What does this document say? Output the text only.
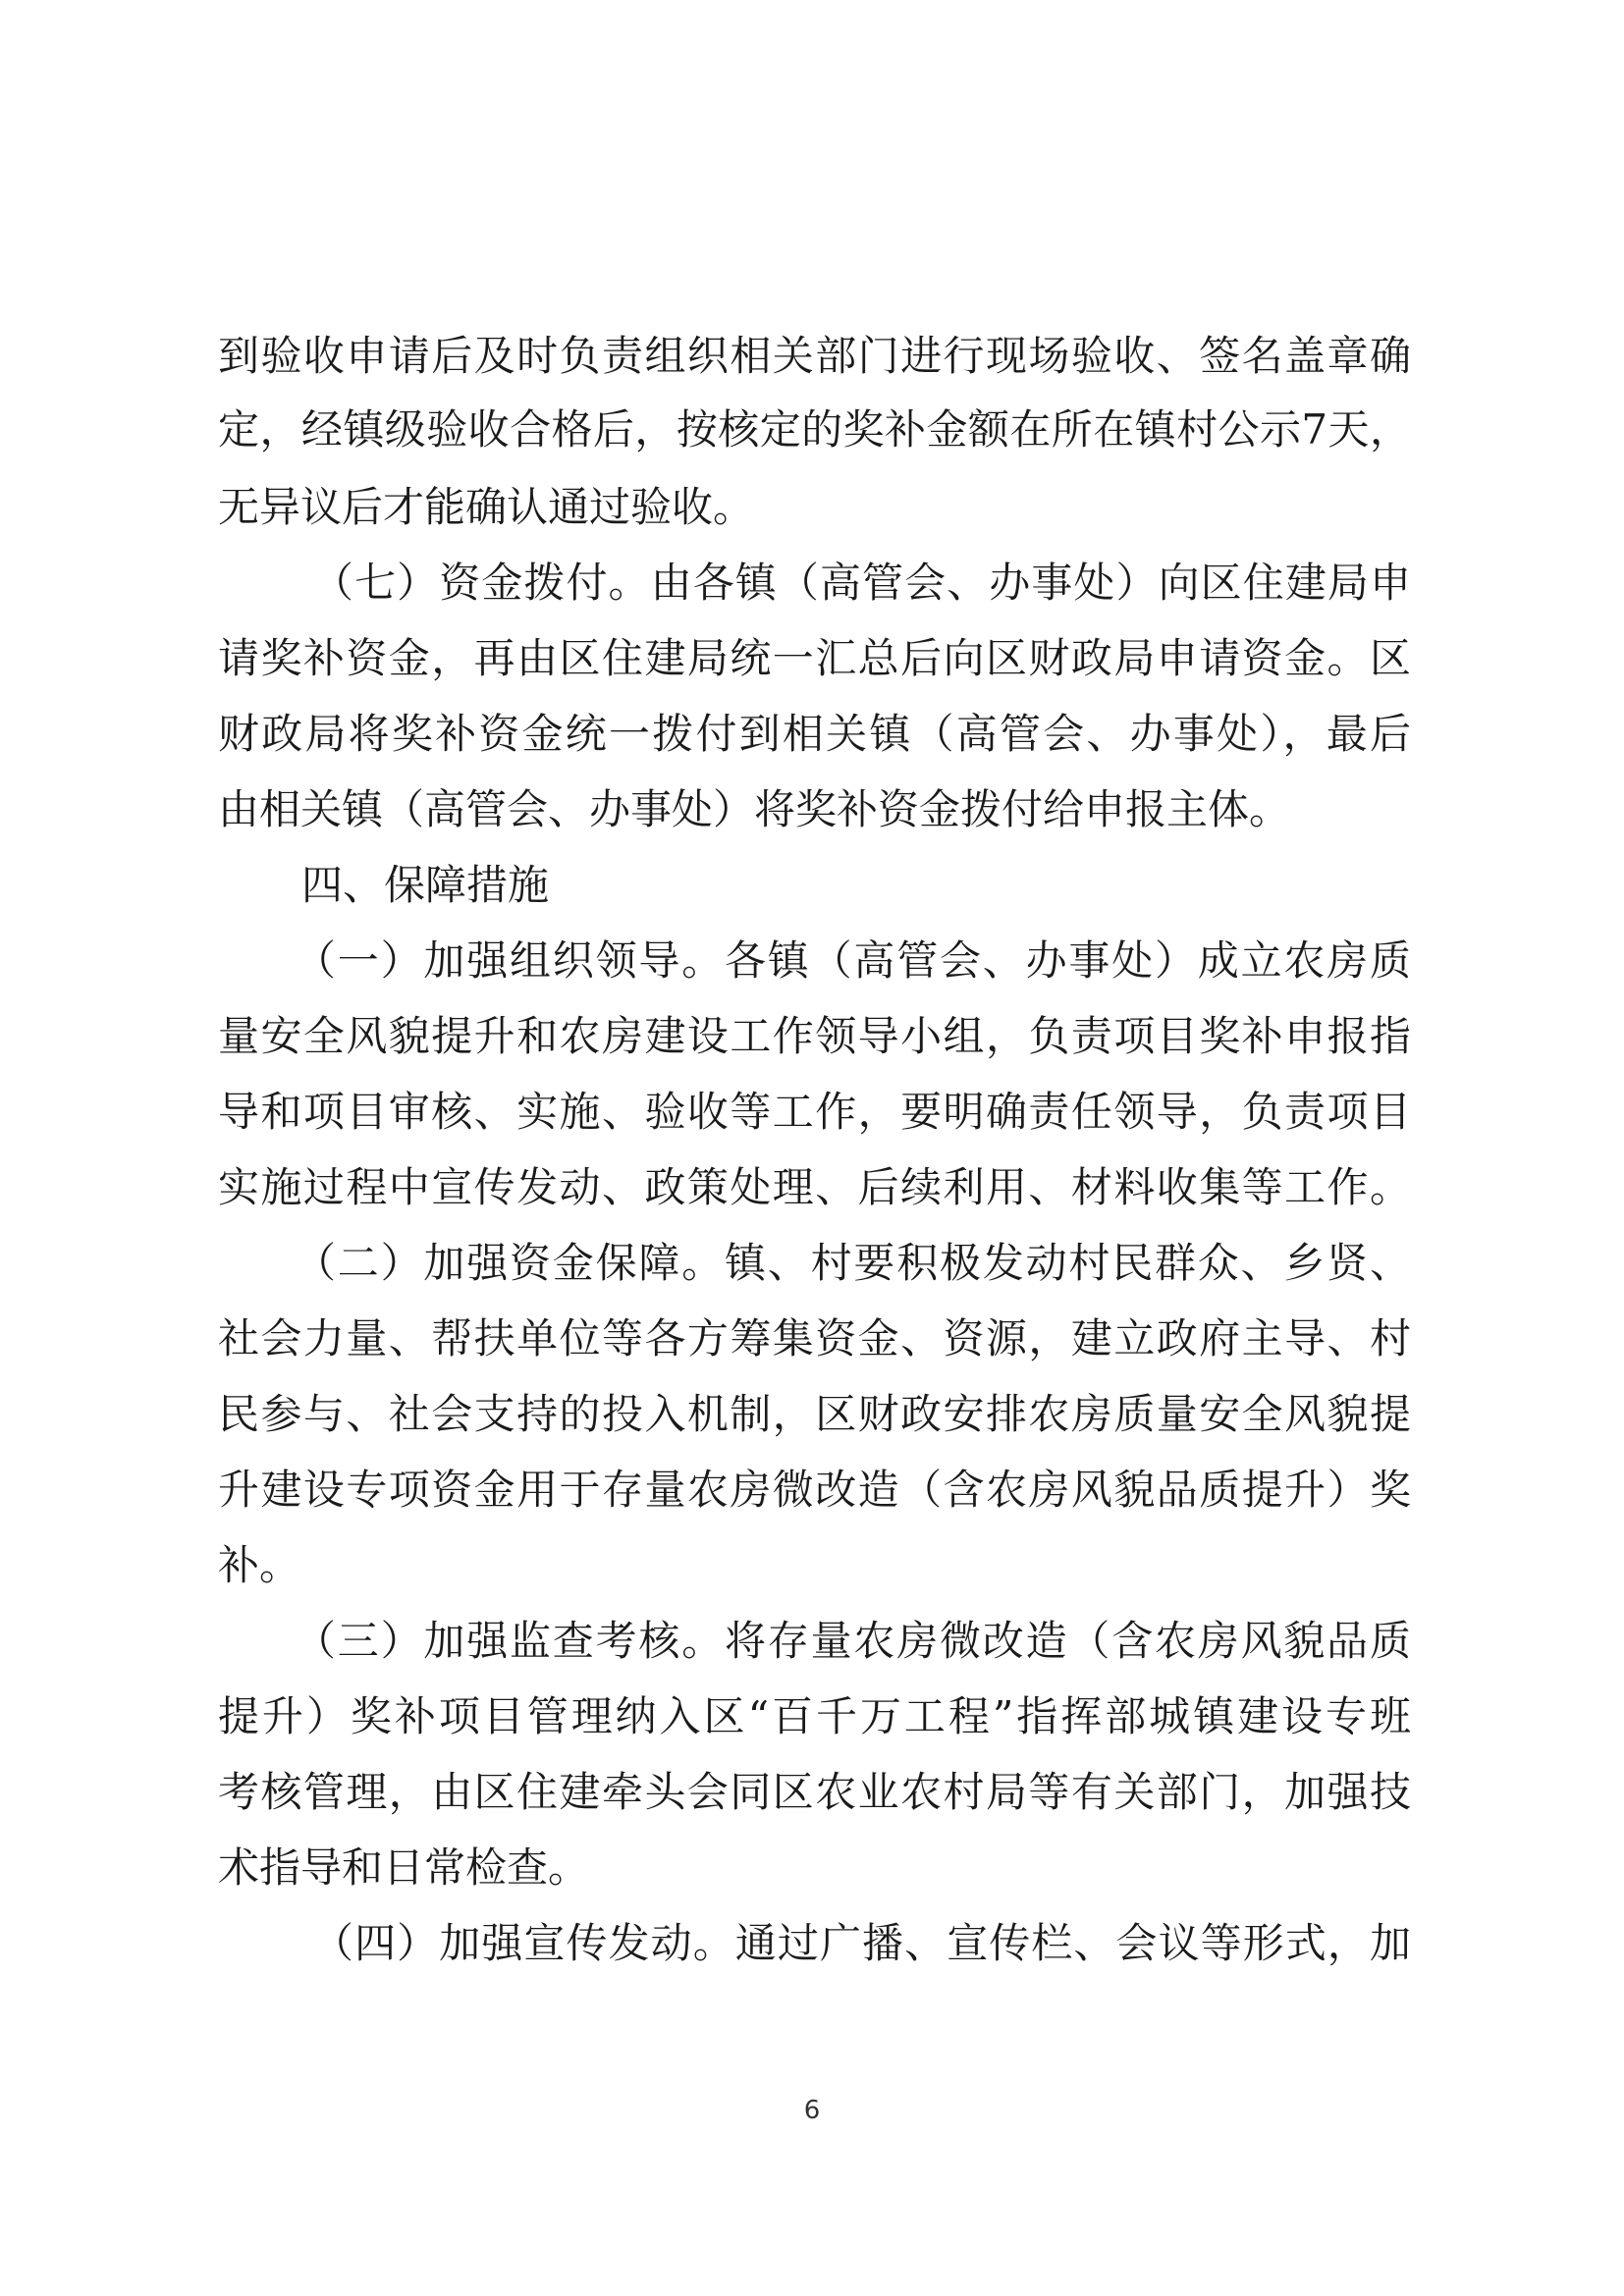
到验收申请后及时负责组织相关部门进行现场验收、签名盖章确
定，经镇级验收合格后，按核定的奖补金额在所在镇村公示7天，
无异议后才能确认通过验收。
（七）资金拨付。由各镇（高管会、办事处）向区住建局申
请奖补资金，再由区住建局统一汇总后向区财政局申请资金。区
财政局将奖补资金统一拨付到相关镇（高管会、办事处），最后
由相关镇（高管会、办事处）将奖补资金拨付给申报主体。
四、保障措施
（一）加强组织领导。各镇（高管会、办事处）成立农房质
量安全风貌提升和农房建设工作领导小组，负责项目奖补申报指
导和项目审核、实施、验收等工作，要明确责任领导，负责项目
实施过程中宣传发动、政策处理、后续利用、材料收集等工作。
（二）加强资金保障。镇、村要积极发动村民群众、乡贤、
社会力量、帮扶单位等各方筹集资金、资源，建立政府主导、村
民参与、社会支持的投入机制，区财政安排农房质量安全风貌提
升建设专项资金用于存量农房微改造（含农房风貌品质提升）奖
补。
（三）加强监查考核。将存量农房微改造（含农房风貌品质
提升）奖补项目管理纳入区“百千万工程”指挥部城镇建设专班
考核管理，由区住建牵头会同区农业农村局等有关部门，加强技
术指导和日常检查。
（四）加强宣传发动。通过广播、宣传栏、会议等形式，加
6
